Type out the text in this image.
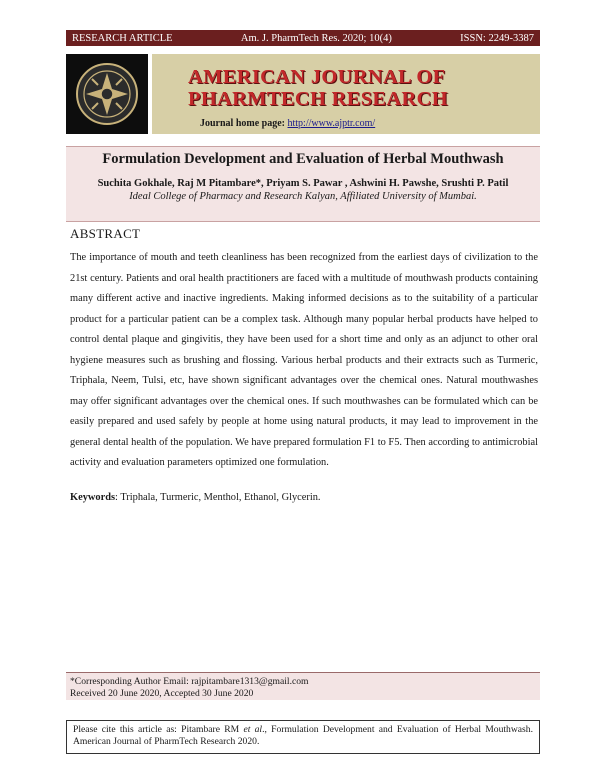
RESEARCH ARTICLE	Am. J. PharmTech Res. 2020; 10(4)	ISSN: 2249-3387
AMERICAN JOURNAL OF
PHARMTECH RESEARCH
Journal home page: http://www.ajptr.com/
Formulation Development and Evaluation of Herbal Mouthwash
Suchita Gokhale, Raj M Pitambare*, Priyam S. Pawar , Ashwini H. Pawshe, Srushti P. Patil
Ideal College of Pharmacy and Research Kalyan, Affiliated University of Mumbai.
ABSTRACT
The importance of mouth and teeth cleanliness has been recognized from the earliest days of civilization to the 21st century. Patients and oral health practitioners are faced with a multitude of mouthwash products containing many different active and inactive ingredients. Making informed decisions as to the suitability of a particular product for a particular patient can be a complex task. Although many popular herbal products have helped to control dental plaque and gingivitis, they have been used for a short time and only as an adjunct to other oral hygiene measures such as brushing and flossing. Various herbal products and their extracts such as Turmeric, Triphala, Neem, Tulsi, etc, have shown significant advantages over the chemical ones. Natural mouthwashes may offer significant advantages over the chemical ones. If such mouthwashes can be formulated which can be easily prepared and used safely by people at home using natural products, it may lead to improvement in the general dental health of the population. We have prepared formulation F1 to F5. Then according to antimicrobial activity and evaluation parameters optimized one formulation.
Keywords: Triphala, Turmeric, Menthol, Ethanol, Glycerin.
*Corresponding Author Email: rajpitambare1313@gmail.com
Received 20 June 2020, Accepted 30 June 2020
Please cite this article as: Pitambare RM et al., Formulation Development and Evaluation of Herbal Mouthwash. American Journal of PharmTech Research 2020.
